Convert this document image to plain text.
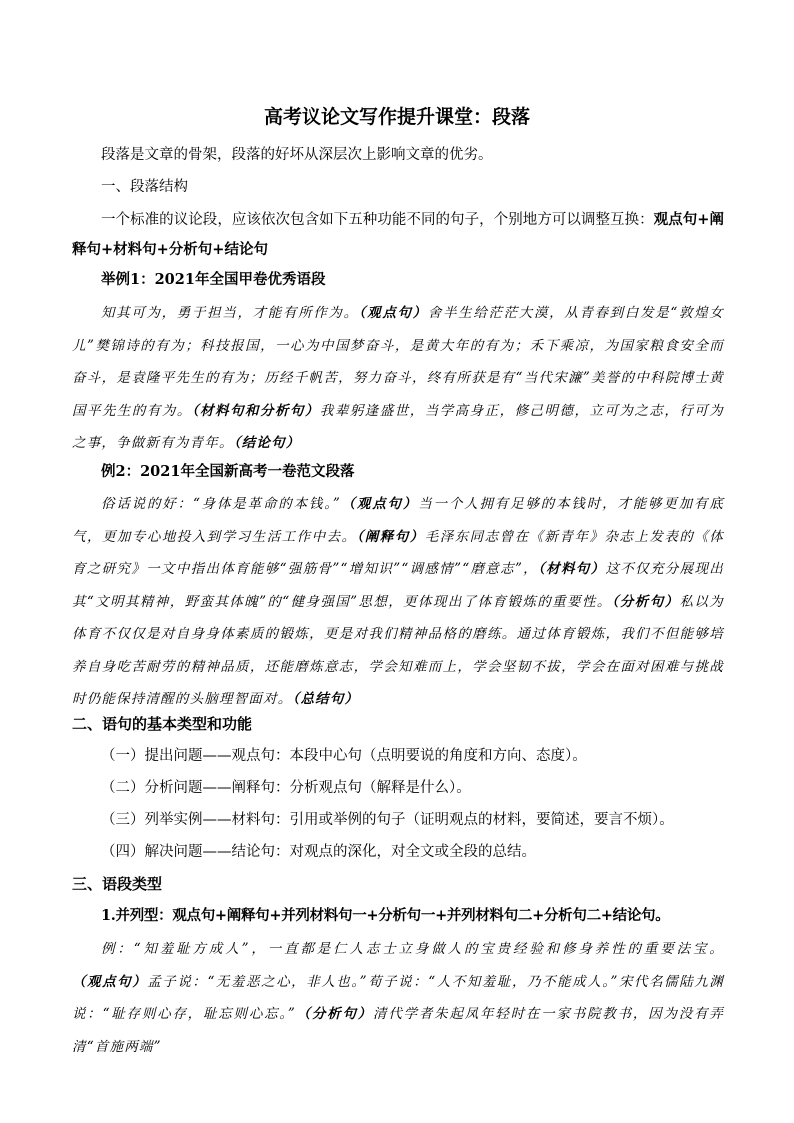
高考议论文写作提升课堂：段落
段落是文章的骨架，段落的好坏从深层次上影响文章的优劣。
一、段落结构
一个标准的议论段，应该依次包含如下五种功能不同的句子，个别地方可以调整互换：观点句+阐释句+材料句+分析句+结论句
举例1：2021年全国甲卷优秀语段
知其可为，勇于担当，才能有所作为。（观点句）舍半生给茫茫大漠，从青春到白发是“敦煌女儿”樊锦诗的有为；科技报国，一心为中国梦奋斗，是黄大年的有为；禾下乘凉，为国家粮食安全而奋斗，是袁隆平先生的有为；历经千帆苦，努力奋斗，终有所获是有“当代宋濂”美誉的中科院博士黄国平先生的有为。（材料句和分析句）我辈躬逢盛世，当学高身正，修己明德，立可为之志，行可为之事，争做新有为青年。（结论句）
例2：2021年全国新高考一卷范文段落
俗话说的好：“身体是革命的本钱。”（观点句）当一个人拥有足够的本钱时，才能够更加有底气，更加专心地投入到学习生活工作中去。（阐释句）毛泽东同志曾在《新青年》杂志上发表的《体育之研究》一文中指出体育能够“强筋骨”“增知识”“调感情”“磨意志”，（材料句）这不仅充分展现出其“文明其精神，野蛮其体魄”的“健身强国”思想，更体现出了体育锻炼的重要性。（分析句）私以为体育不仅仅是对自身身体素质的锻炼，更是对我们精神品格的磨练。通过体育锻炼，我们不但能够培养自身吃苦耐劳的精神品质，还能磨炼意志，学会知难而上，学会坚韧不拔，学会在面对困难与挑战时仍能保持清醒的头脑理智面对。（总结句）
二、语句的基本类型和功能
（一）提出问题——观点句：本段中心句（点明要说的角度和方向、态度）。
（二）分析问题——阐释句：分析观点句（解释是什么）。
（三）列举实例——材料句：引用或举例的句子（证明观点的材料，要简述，要言不烦）。
（四）解决问题——结论句：对观点的深化，对全文或全段的总结。
三、语段类型
1.并列型：观点句+阐释句+并列材料句一+分析句一+并列材料句二+分析句二+结论句。
例：“知羞耻方成人”，一直都是仁人志士立身做人的宝贵经验和修身养性的重要法宝。（观点句）孟子说：“无羞恶之心，非人也。”荀子说：“人不知羞耻，乃不能成人。”宋代名儒陆九渊说：“耻存则心存，耻忘则心忘。”（分析句）清代学者朱起凤年轻时在一家书院教书，因为没有弄清“首施两端”
